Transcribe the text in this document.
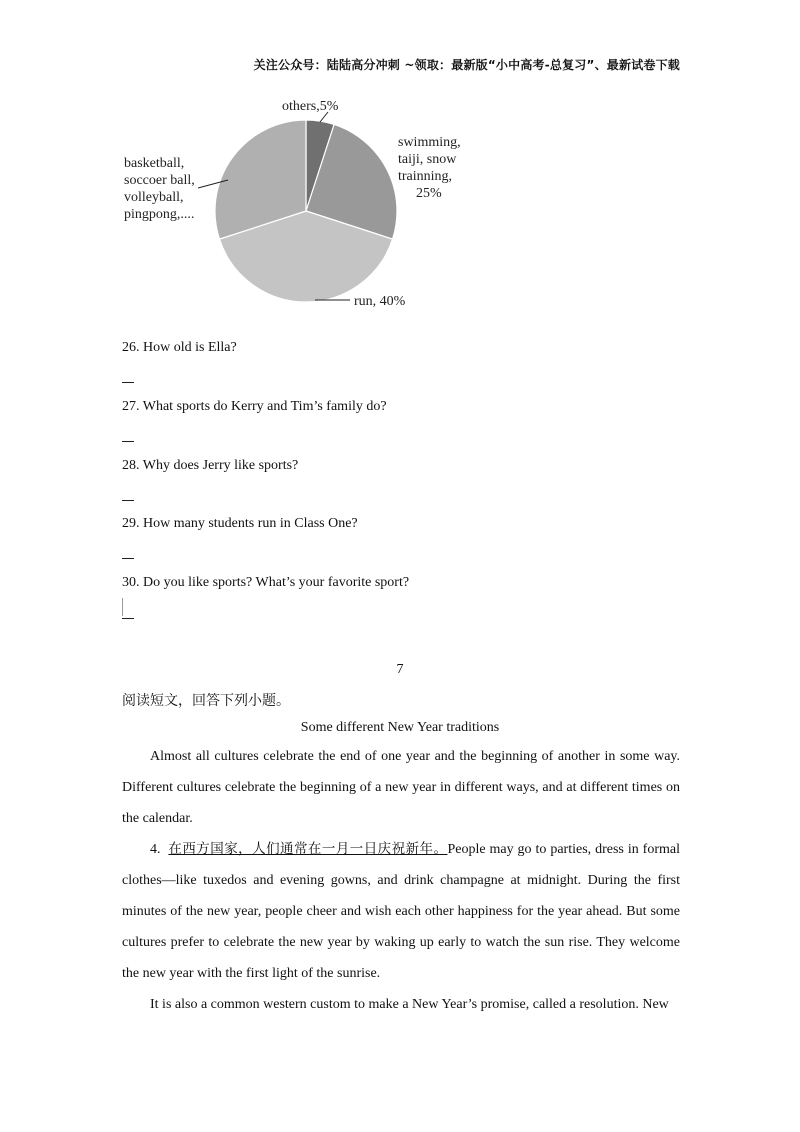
关注公众号：陆陆高分冲刺 ~领取：最新版“小中高考-总复习”、最新试卷下载
others,5%
swimming, taiji, snow trainning, 25%
run, 40%
basketball, soccoer ball, volleyball, pingpong,....
26. How old is Ella?
27. What sports do Kerry and Tim’s family do?
28. Why does Jerry like sports?
29. How many students run in Class One?
30. Do you like sports? What’s your favorite sport?
7
阅读短文，回答下列小题。
Some different New Year traditions

Almost all cultures celebrate the end of one year and the beginning of another in some way. Different cultures celebrate the beginning of a new year in different ways, and at different times on the calendar.

4. 在西方国家，人们通常在一月一日庆祝新年。People may go to parties, dress in formal clothes—like tuxedos and evening gowns, and drink champagne at midnight. During the first minutes of the new year, people cheer and wish each other happiness for the year ahead. But some cultures prefer to celebrate the new year by waking up early to watch the sun rise. They welcome the new year with the first light of the sunrise.

It is also a common western custom to make a New Year’s promise, called a resolution. New
